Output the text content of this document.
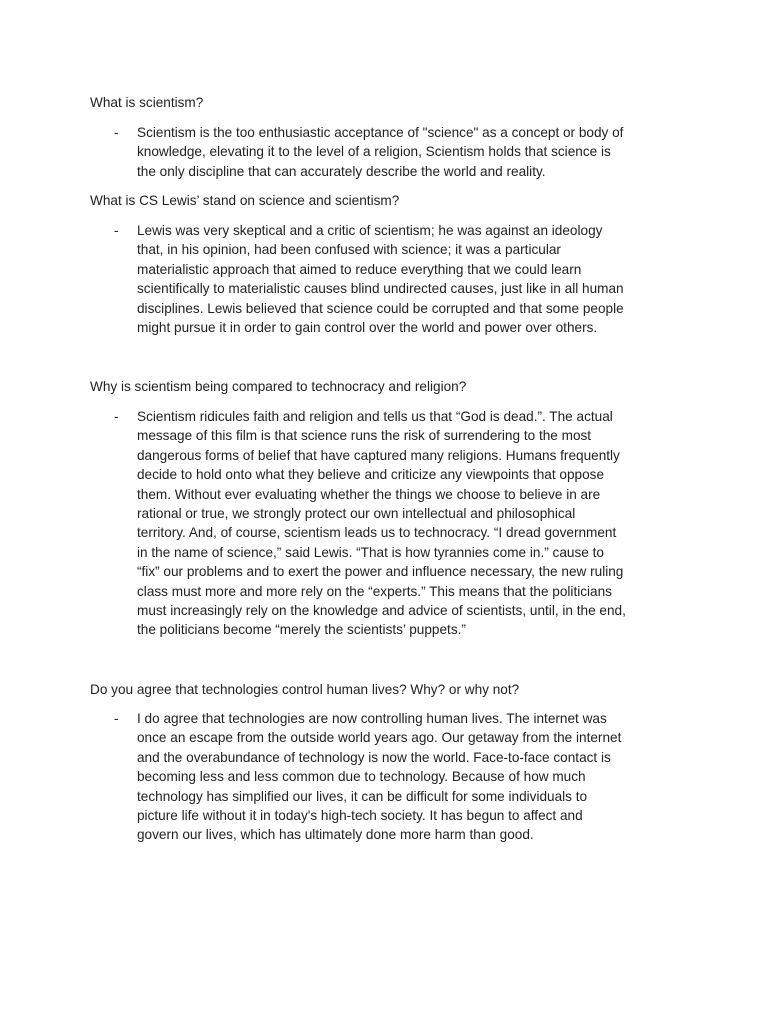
What is scientism?
- Scientism is the too enthusiastic acceptance of "science" as a concept or body of
knowledge, elevating it to the level of a religion, Scientism holds that science is
the only discipline that can accurately describe the world and reality.
What is CS Lewis’ stand on science and scientism?
- Lewis was very skeptical and a critic of scientism; he was against an ideology
that, in his opinion, had been confused with science; it was a particular
materialistic approach that aimed to reduce everything that we could learn
scientifically to materialistic causes blind undirected causes, just like in all human
disciplines. Lewis believed that science could be corrupted and that some people
might pursue it in order to gain control over the world and power over others.
Why is scientism being compared to technocracy and religion?
- Scientism ridicules faith and religion and tells us that “God is dead.”. The actual
message of this film is that science runs the risk of surrendering to the most
dangerous forms of belief that have captured many religions. Humans frequently
decide to hold onto what they believe and criticize any viewpoints that oppose
them. Without ever evaluating whether the things we choose to believe in are
rational or true, we strongly protect our own intellectual and philosophical
territory. And, of course, scientism leads us to technocracy. “I dread government
in the name of science,” said Lewis. “That is how tyrannies come in.” cause to
“fix” our problems and to exert the power and influence necessary, the new ruling
class must more and more rely on the “experts.” This means that the politicians
must increasingly rely on the knowledge and advice of scientists, until, in the end,
the politicians become “merely the scientists’ puppets.”
Do you agree that technologies control human lives? Why? or why not?
- I do agree that technologies are now controlling human lives. The internet was
once an escape from the outside world years ago. Our getaway from the internet
and the overabundance of technology is now the world. Face-to-face contact is
becoming less and less common due to technology. Because of how much
technology has simplified our lives, it can be difficult for some individuals to
picture life without it in today's high-tech society. It has begun to affect and
govern our lives, which has ultimately done more harm than good.
